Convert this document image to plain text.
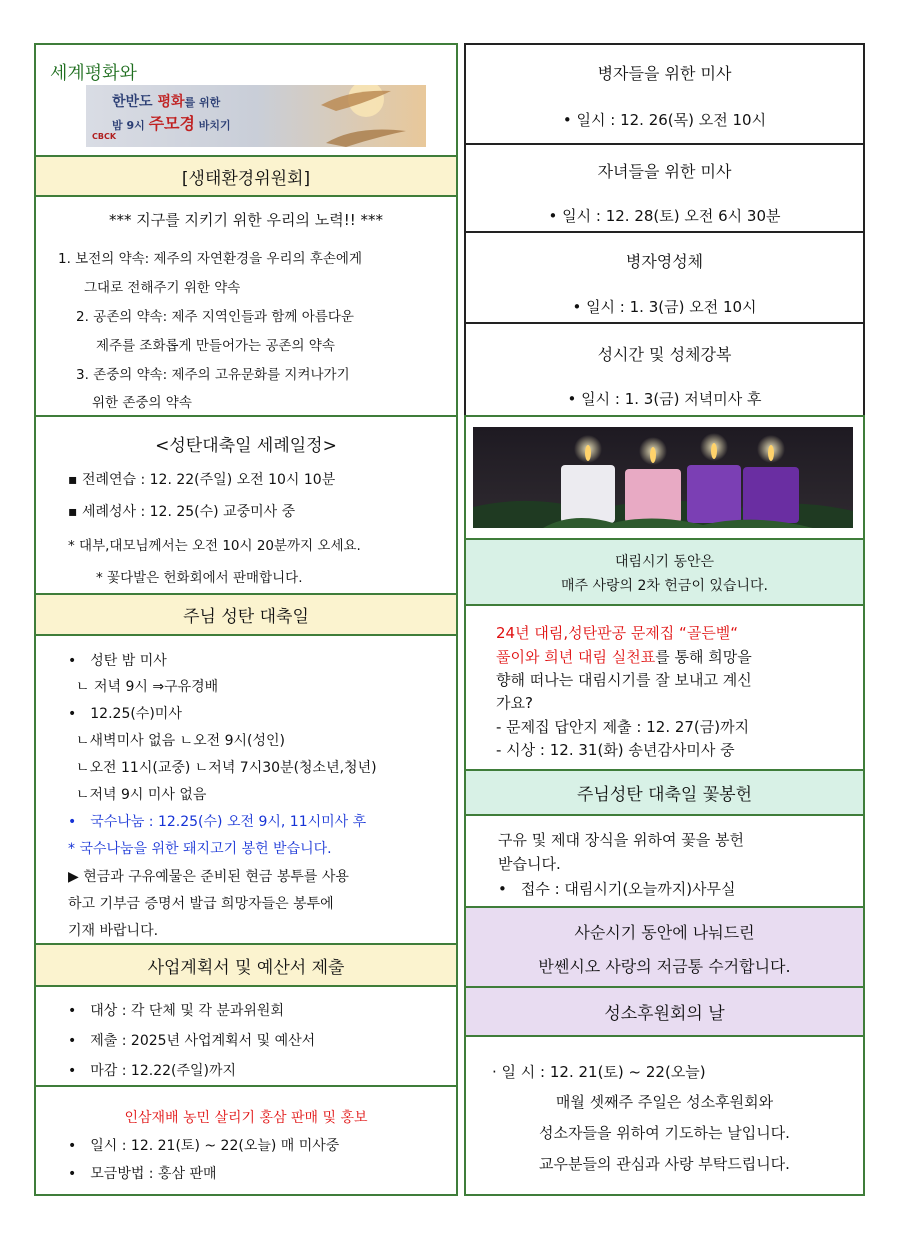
세계평화와
한반도 평화를 위한
밤 9시 주모경 바치기
CBCK
[생태환경위원회]
*** 지구를 지키기 위한 우리의 노력!! ***
1. 보전의 약속: 제주의 자연환경을 우리의 후손에게
그대로 전해주기 위한 약속
2. 공존의 약속: 제주 지역인들과 함께 아름다운
제주를 조화롭게 만들어가는 공존의 약속
3. 존중의 약속: 제주의 고유문화를 지켜나가기
위한 존중의 약속
<성탄대축일 세례일정>
▪ 전례연습 : 12. 22(주일) 오전 10시 10분
▪ 세례성사 : 12. 25(수) 교중미사 중
* 대부,대모님께서는 오전 10시 20분까지 오세요.
* 꽃다발은 헌화회에서 판매합니다.
주님 성탄 대축일
• 성탄 밤 미사
ㄴ 저녁 9시 ⇒구유경배
• 12.25(수)미사
ㄴ새벽미사 없음 ㄴ오전 9시(성인)
ㄴ오전 11시(교중) ㄴ저녁 7시30분(청소년,청년)
ㄴ저녁 9시 미사 없음
• 국수나눔 : 12.25(수) 오전 9시, 11시미사 후
* 국수나눔을 위한 돼지고기 봉헌 받습니다.
▶ 현금과 구유예물은 준비된 현금 봉투를 사용
하고 기부금 증명서 발급 희망자들은 봉투에
기재 바랍니다.
사업계획서 및 예산서 제출
• 대상 : 각 단체 및 각 분과위원회
• 제출 : 2025년 사업계획서 및 예산서
• 마감 : 12.22(주일)까지
인삼재배 농민 살리기 홍삼 판매 및 홍보
• 일시 : 12. 21(토) ~ 22(오늘) 매 미사중
• 모금방법 : 홍삼 판매
병자들을 위한 미사
• 일시 : 12. 26(목) 오전 10시
자녀들을 위한 미사
• 일시 : 12. 28(토) 오전 6시 30분
병자영성체
• 일시 : 1. 3(금) 오전 10시
성시간 및 성체강복
• 일시 : 1. 3(금) 저녁미사 후
대림시기 동안은
매주 사랑의 2차 헌금이 있습니다.
24년 대림,성탄판공 문제집 “골든벨“
풀이와 희년 대림 실천표를 통해 희망을
향해 떠나는 대림시기를 잘 보내고 계신
가요?
- 문제집 답안지 제출 : 12. 27(금)까지
- 시상 : 12. 31(화) 송년감사미사 중
주님성탄 대축일 꽃봉헌
구유 및 제대 장식을 위하여 꽃을 봉헌
받습니다.
• 접수 : 대림시기(오늘까지)사무실
사순시기 동안에 나눠드린
반쎈시오 사랑의 저금통 수거합니다.
성소후원회의 날
· 일 시 : 12. 21(토) ~ 22(오늘)
매월 셋째주 주일은 성소후원회와
성소자들을 위하여 기도하는 날입니다.
교우분들의 관심과 사랑 부탁드립니다.
